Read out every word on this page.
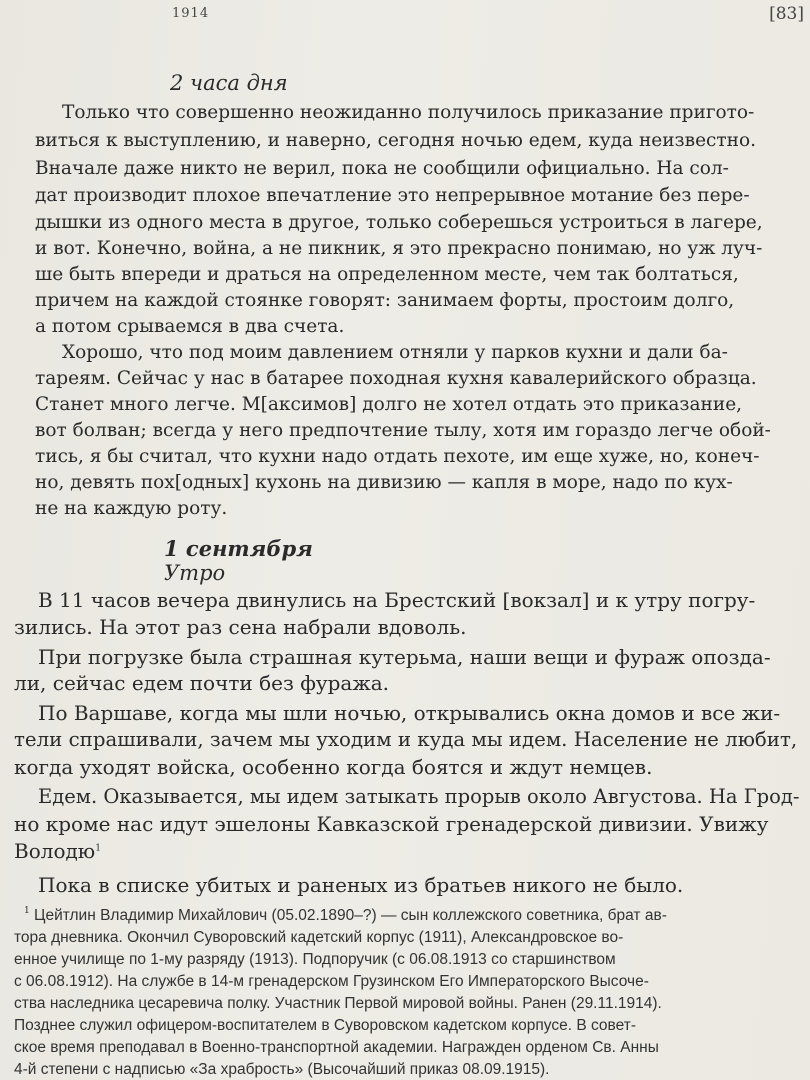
1914	[83]
2 часа дня
Только что совершенно неожиданно получилось приказание пригото-
виться к выступлению, и наверно, сегодня ночью едем, куда неизвестно.
Вначале даже никто не верил, пока не сообщили официально. На сол-
дат производит плохое впечатление это непрерывное мотание без пере-
дышки из одного места в другое, только соберешься устроиться в лагере,
и вот. Конечно, война, а не пикник, я это прекрасно понимаю, но уж луч-
ше быть впереди и драться на определенном месте, чем так болтаться,
причем на каждой стоянке говорят: занимаем форты, простоим долго,
а потом срываемся в два счета.
Хорошо, что под моим давлением отняли у парков кухни и дали ба-
тареям. Сейчас у нас в батарее походная кухня кавалерийского образца.
Станет много легче. М[аксимов] долго не хотел отдать это приказание,
вот болван; всегда у него предпочтение тылу, хотя им гораздо легче обой-
тись, я бы считал, что кухни надо отдать пехоте, им еще хуже, но, конеч-
но, девять пох[одных] кухонь на дивизию — капля в море, надо по кух-
не на каждую роту.
1 сентября
Утро
В 11 часов вечера двинулись на Брестский [вокзал] и к утру погру-
зились. На этот раз сена набрали вдоволь.
При погрузке была страшная кутерьма, наши вещи и фураж опозда-
ли, сейчас едем почти без фуража.
По Варшаве, когда мы шли ночью, открывались окна домов и все жи-
тели спрашивали, зачем мы уходим и куда мы идем. Население не любит,
когда уходят войска, особенно когда боятся и ждут немцев.
Едем. Оказывается, мы идем затыкать прорыв около Августова. На Грод-
но кроме нас идут эшелоны Кавказской гренадерской дивизии. Увижу
Володю$^1$
Пока в списке убитых и раненых из братьев никого не было.
1 Цейтлин Владимир Михайлович (05.02.1890–?) — сын коллежского советника, брат ав-
тора дневника. Окончил Суворовский кадетский корпус (1911), Александровское во-
енное училище по 1-му разряду (1913). Подпоручик (с 06.08.1913 со старшинством
с 06.08.1912). На службе в 14-м гренадерском Грузинском Его Императорского Высоче-
ства наследника цесаревича полку. Участник Первой мировой войны. Ранен (29.11.1914).
Позднее служил офицером-воспитателем в Суворовском кадетском корпусе. В совет-
ское время преподавал в Военно-транспортной академии. Награжден орденом Св. Анны
4-й степени с надписью «За храбрость» (Высочайший приказ 08.09.1915).
